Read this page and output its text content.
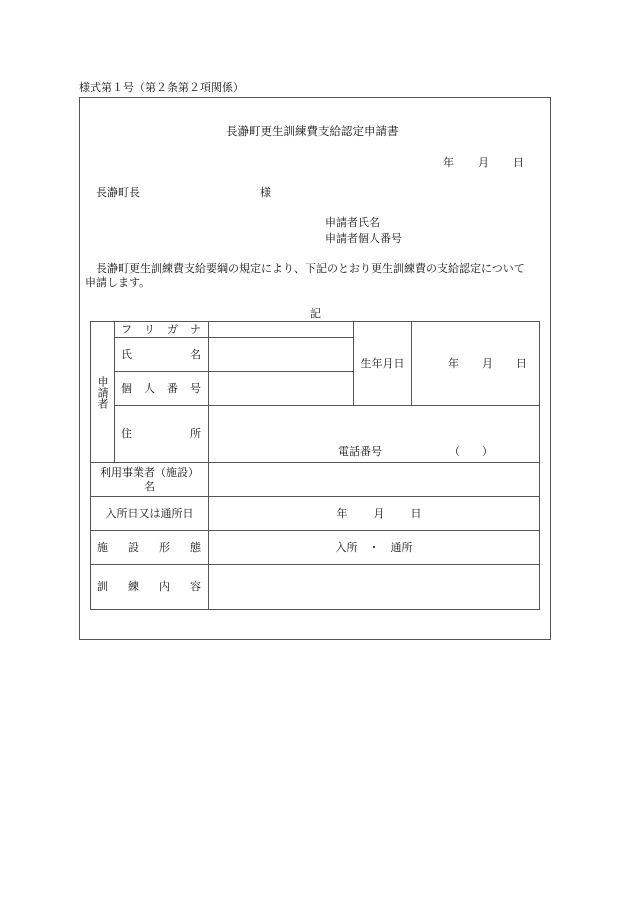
様式第１号（第２条第２項関係）
長瀞町更生訓練費支給認定申請書
年 月 日
長瀞町長	様
申請者氏名
申請者個人番号
長瀞町更生訓練費支給要綱の規定により、下記のとおり更生訓練費の支給認定について
申請します。
記
申請者	フ リ ガ ナ		生年月日	年 月 日

	氏 名			

	個 人 番 号			

	住 所	電話番号 （　　）		

利用事業者（施設）
名				

入所日又は通所日		年 月 日		

施 設 形 態		入所　・　通所		

訓 練 内 容				
